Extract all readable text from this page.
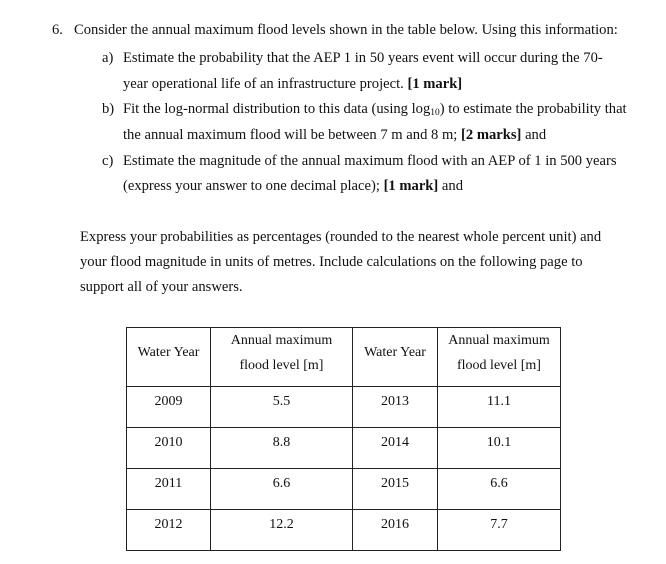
6. Consider the annual maximum flood levels shown in the table below. Using this information:
a) Estimate the probability that the AEP 1 in 50 years event will occur during the 70-
year operational life of an infrastructure project. [1 mark]
b) Fit the log-normal distribution to this data (using $\log_{10}$) to estimate the probability that
the annual maximum flood will be between 7 m and 8 m; [2 marks] and
c) Estimate the magnitude of the annual maximum flood with an AEP of 1 in 500 years
(express your answer to one decimal place); [1 mark] and
Express your probabilities as percentages (rounded to the nearest whole percent unit) and
your flood magnitude in units of metres. Include calculations on the following page to
support all of your answers.
Water Year	Annual maximum
flood level [m]	Water Year	Annual maximum
flood level [m]

2009	5.5	2013	11.1

2010	8.8	2014	10.1

2011	6.6	2015	6.6

2012	12.2	2016	7.7
